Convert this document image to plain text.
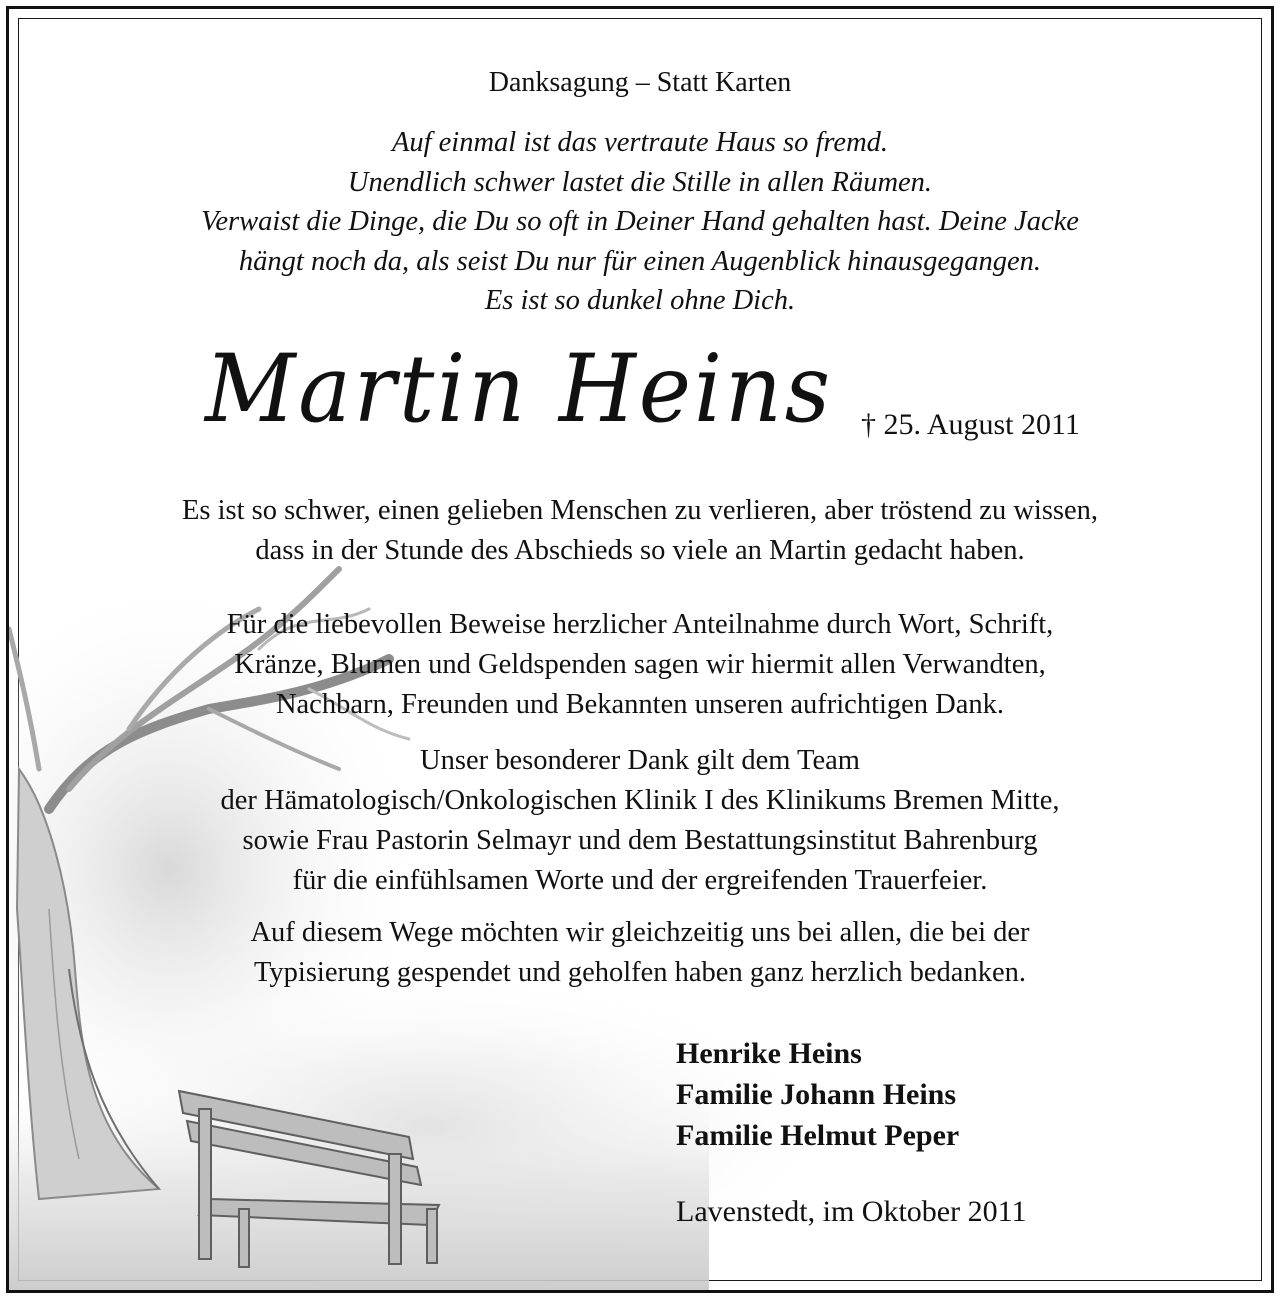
Danksagung – Statt Karten
Auf einmal ist das vertraute Haus so fremd.
Unendlich schwer lastet die Stille in allen Räumen.
Verwaist die Dinge, die Du so oft in Deiner Hand gehalten hast. Deine Jacke
hängt noch da, als seist Du nur für einen Augenblick hinausgegangen.
Es ist so dunkel ohne Dich.
Martin Heins † 25. August 2011
Es ist so schwer, einen gelieben Menschen zu verlieren, aber tröstend zu wissen,
dass in der Stunde des Abschieds so viele an Martin gedacht haben.
Für die liebevollen Beweise herzlicher Anteilnahme durch Wort, Schrift,
Kränze, Blumen und Geldspenden sagen wir hiermit allen Verwandten,
Nachbarn, Freunden und Bekannten unseren aufrichtigen Dank.
Unser besonderer Dank gilt dem Team
der Hämatologisch/Onkologischen Klinik I des Klinikums Bremen Mitte,
sowie Frau Pastorin Selmayr und dem Bestattungsinstitut Bahrenburg
für die einfühlsamen Worte und der ergreifenden Trauerfeier.
Auf diesem Wege möchten wir gleichzeitig uns bei allen, die bei der
Typisierung gespendet und geholfen haben ganz herzlich bedanken.
Henrike Heins
Familie Johann Heins
Familie Helmut Peper
Lavenstedt, im Oktober 2011
